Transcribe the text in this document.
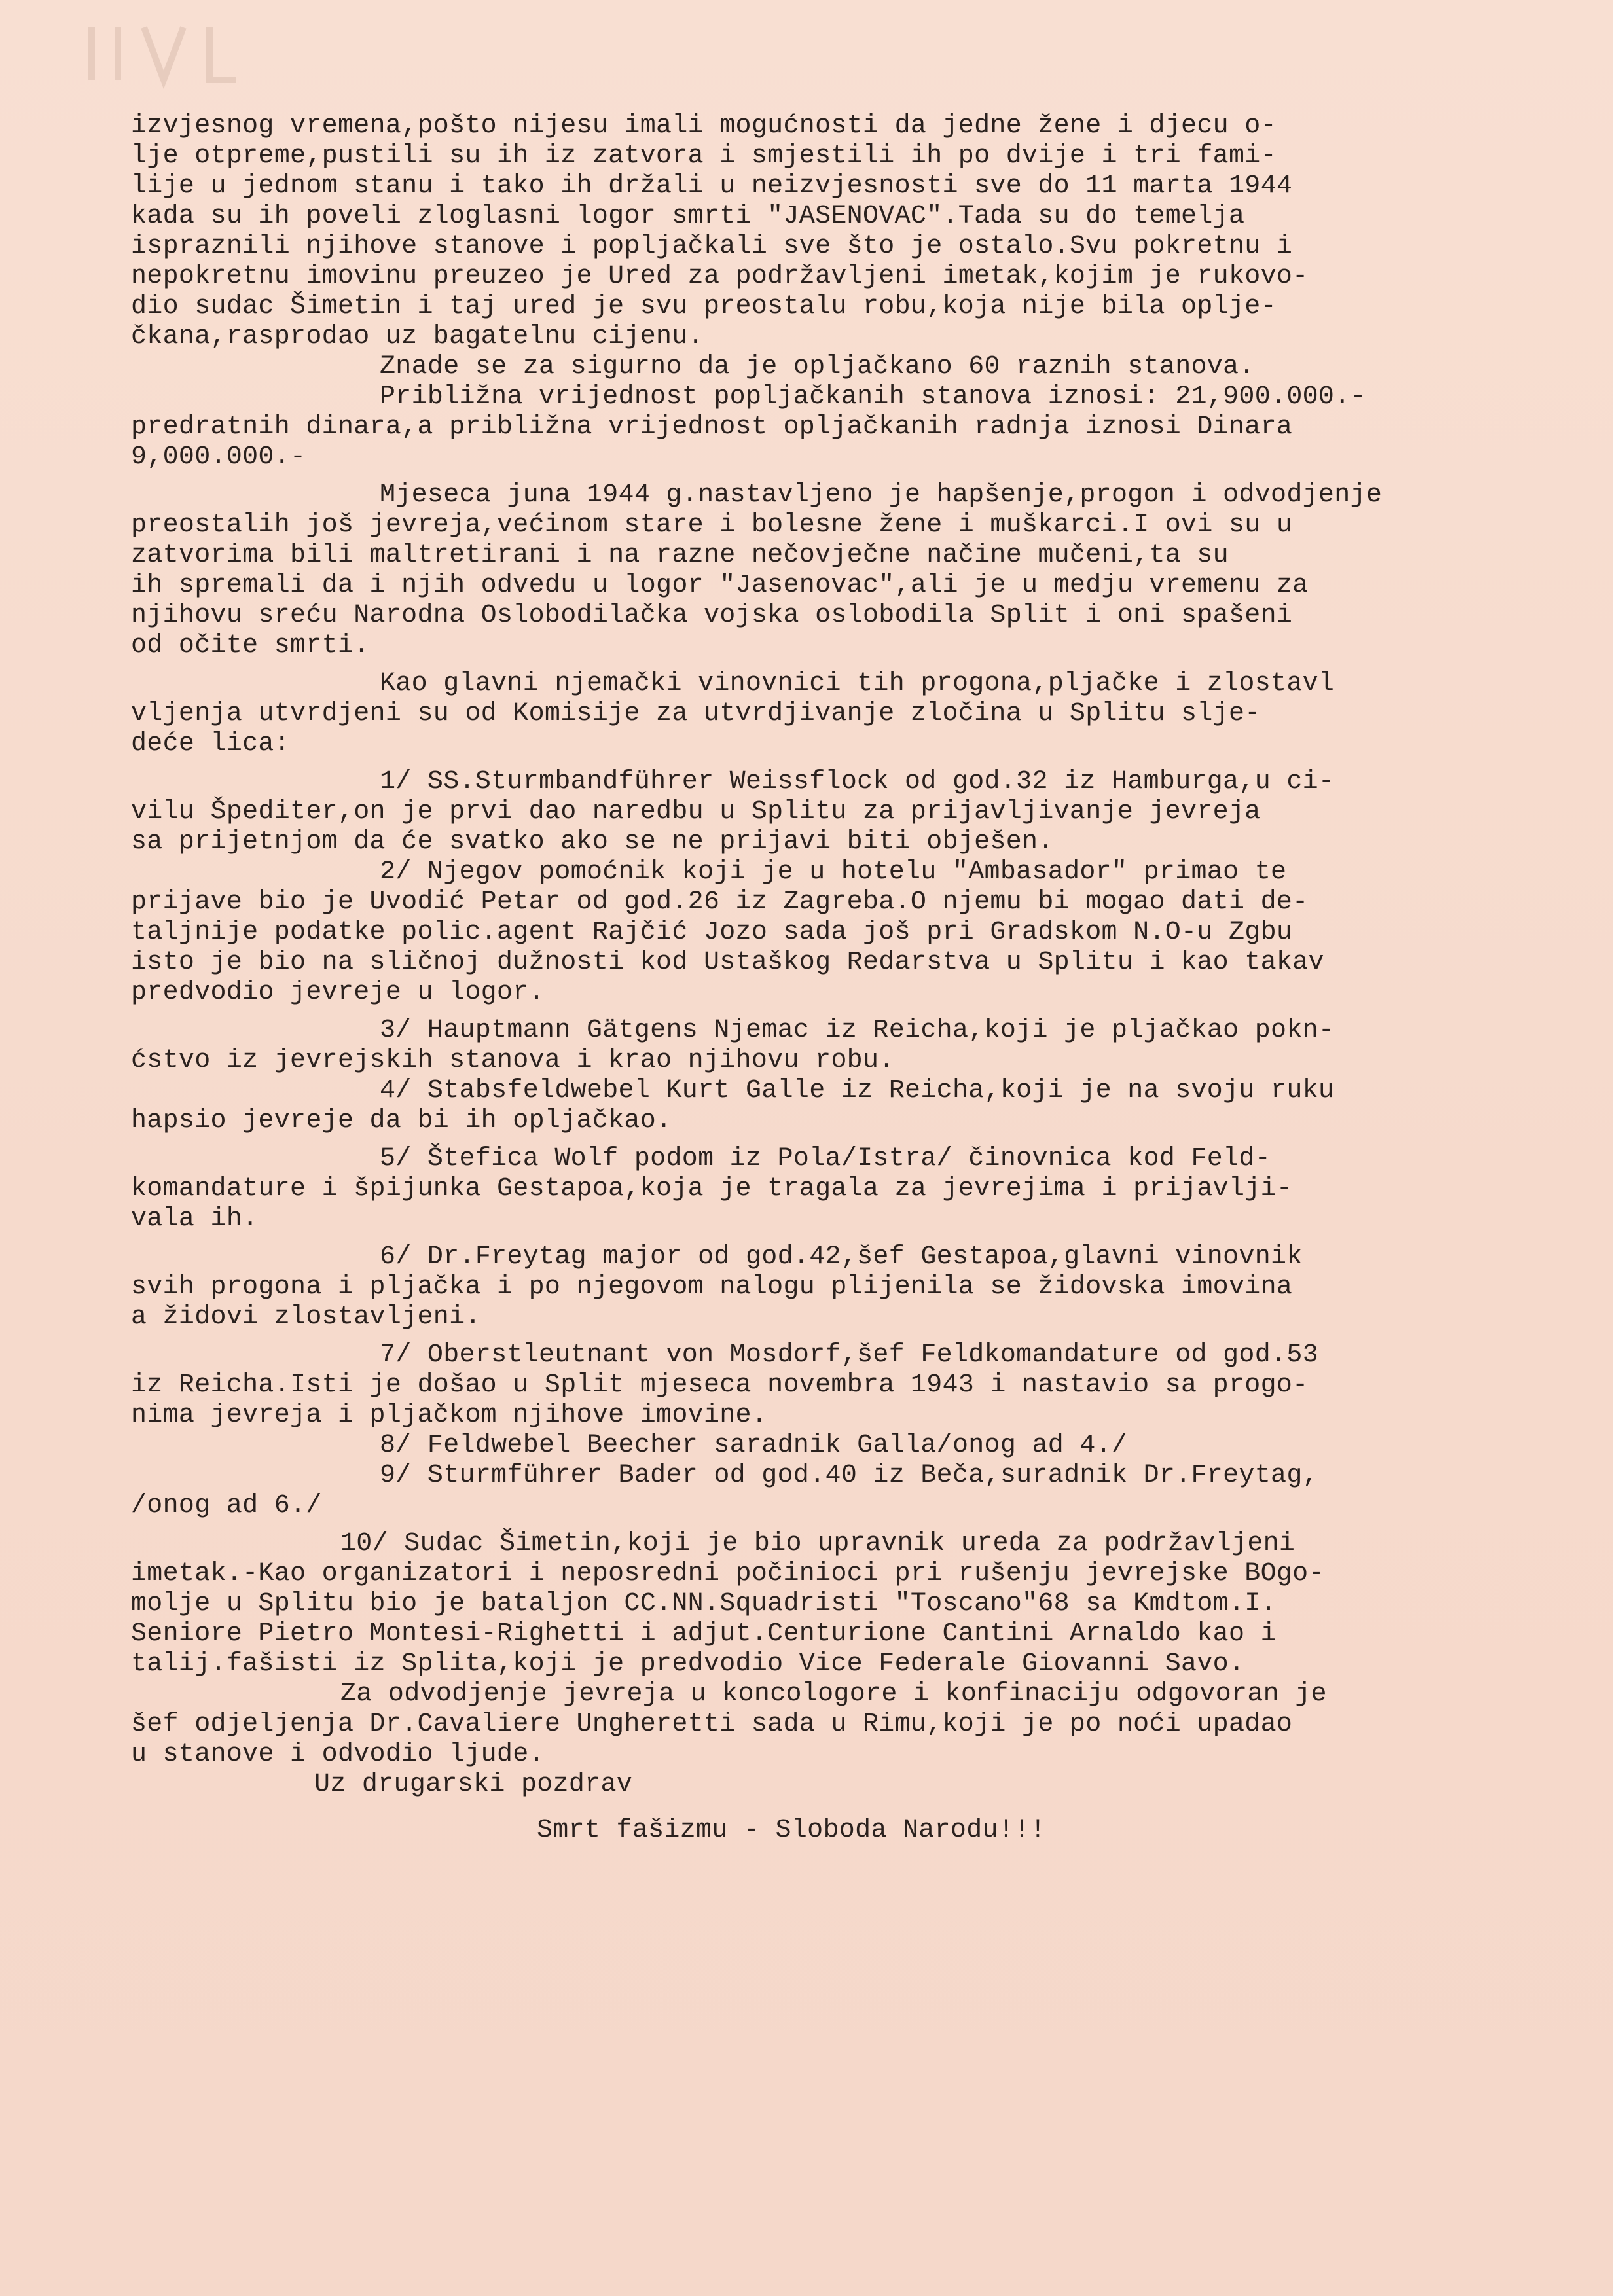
izvjesnog vremena,pošto nijesu imali mogućnosti da jedne žene i djecu o-
lje otpreme,pustili su ih iz zatvora i smjestili ih po dvije i tri fami-
lije u jednom stanu i tako ih držali u neizvjesnosti sve do 11 marta 1944
kada su ih poveli zloglasni logor smrti "JASENOVAC".Tada su do temelja
ispraznili njihove stanove i popljačkali sve što je ostalo.Svu pokretnu i
nepokretnu imovinu preuzeo je Ured za podržavljeni imetak,kojim je rukovo-
dio sudac Šimetin i taj ured je svu preostalu robu,koja nije bila oplje-
čkana,rasprodao uz bagatelnu cijenu.
Znade se za sigurno da je opljačkano 60 raznih stanova.
Približna vrijednost popljačkanih stanova iznosi: 21,900.000.-
predratnih dinara,a približna vrijednost opljačkanih radnja iznosi Dinara
9,000.000.-
Mjeseca juna 1944 g.nastavljeno je hapšenje,progon i odvodjenje
preostalih još jevreja,većinom stare i bolesne žene i muškarci.I ovi su u
zatvorima bili maltretirani i na razne nečovječne načine mučeni,ta su
ih spremali da i njih odvedu u logor "Jasenovac",ali je u medju vremenu za
njihovu sreću Narodna Oslobodilačka vojska oslobodila Split i oni spašeni
od očite smrti.
Kao glavni njemački vinovnici tih progona,pljačke i zlostavl
vljenja utvrdjeni su od Komisije za utvrdjivanje zločina u Splitu slje-
deće lica:
1/ SS.Sturmbandführer Weissflock od god.32 iz Hamburga,u ci-
vilu Špediter,on je prvi dao naredbu u Splitu za prijavljivanje jevreja
sa prijetnjom da će svatko ako se ne prijavi biti obješen.
2/ Njegov pomoćnik koji je u hotelu "Ambasador" primao te
prijave bio je Uvodić Petar od god.26 iz Zagreba.O njemu bi mogao dati de-
taljnije podatke polic.agent Rajčić Jozo sada još pri Gradskom N.O-u Zgbu
isto je bio na sličnoj dužnosti kod Ustaškog Redarstva u Splitu i kao takav
predvodio jevreje u logor.
3/ Hauptmann Gätgens Njemac iz Reicha,koji je pljačkao pokn-
ćstvo iz jevrejskih stanova i krao njihovu robu.
4/ Stabsfeldwebel Kurt Galle iz Reicha,koji je na svoju ruku
hapsio jevreje da bi ih opljačkao.
5/ Štefica Wolf podom iz Pola/Istra/ činovnica kod Feld-
komandature i špijunka Gestapoa,koja je tragala za jevrejima i prijavlji-
vala ih.
6/ Dr.Freytag major od god.42,šef Gestapoa,glavni vinovnik
svih progona i pljačka i po njegovom nalogu plijenila se židovska imovina
a židovi zlostavljeni.
7/ Oberstleutnant von Mosdorf,šef Feldkomandature od god.53
iz Reicha.Isti je došao u Split mjeseca novembra 1943 i nastavio sa progo-
nima jevreja i pljačkom njihove imovine.
8/ Feldwebel Beecher saradnik Galla/onog ad 4./
9/ Sturmführer Bader od god.40 iz Beča,suradnik Dr.Freytag,
/onog ad 6./
10/ Sudac Šimetin,koji je bio upravnik ureda za podržavljeni
imetak.-Kao organizatori i neposredni počinioci pri rušenju jevrejske BOgo-
molje u Splitu bio je bataljon CC.NN.Squadristi "Toscano"68 sa Kmdtom.I.
Seniore Pietro Montesi-Righetti i adjut.Centurione Cantini Arnaldo kao i
talij.fašisti iz Splita,koji je predvodio Vice Federale Giovanni Savo.
Za odvodjenje jevreja u koncologore i konfinaciju odgovoran je
šef odjeljenja Dr.Cavaliere Ungheretti sada u Rimu,koji je po noći upadao
u stanove i odvodio ljude.
Uz drugarski pozdrav
Smrt fašizmu - Sloboda Narodu!!!
